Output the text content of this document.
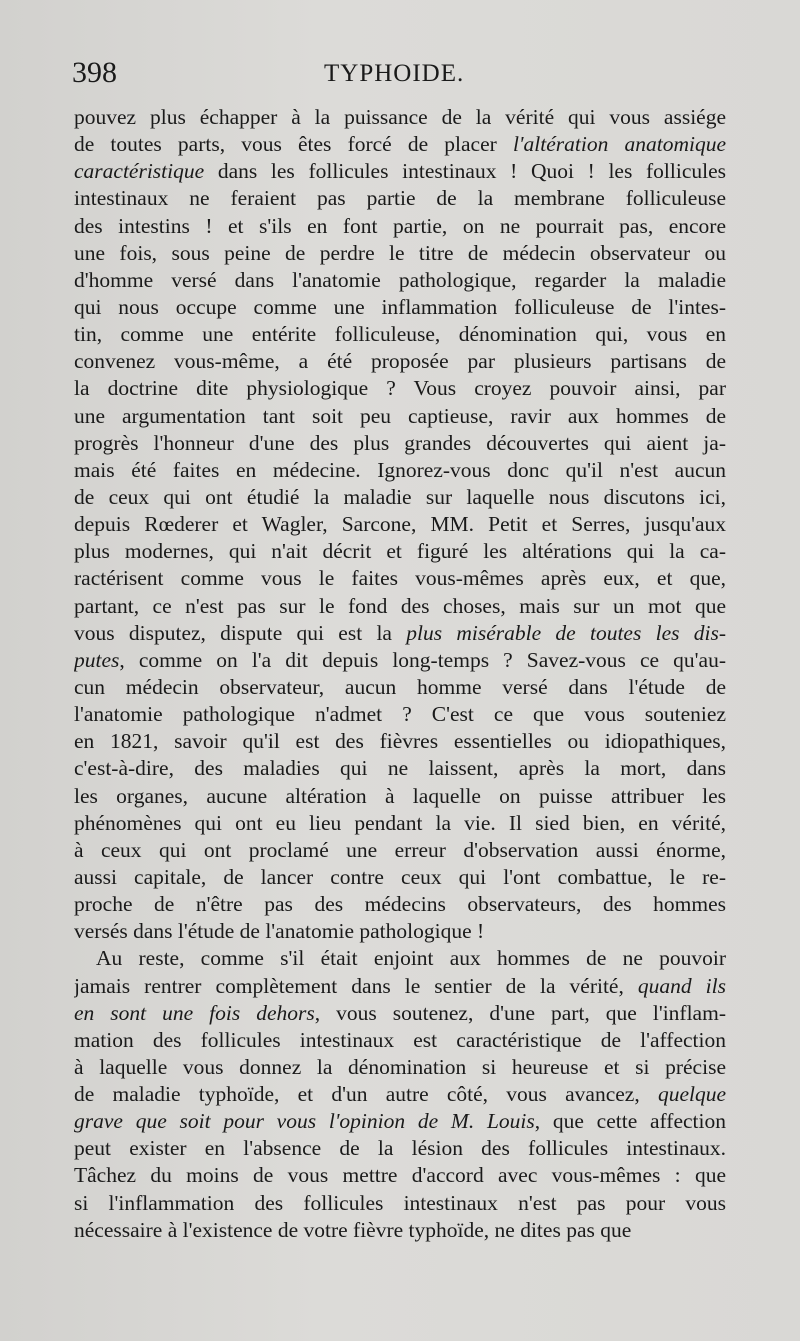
398	TYPHOIDE.
pouvez plus échapper à la puissance de la vérité qui vous assiége
de toutes parts, vous êtes forcé de placer l'altération anatomique
caractéristique dans les follicules intestinaux ! Quoi ! les follicules
intestinaux ne feraient pas partie de la membrane folliculeuse
des intestins ! et s'ils en font partie, on ne pourrait pas, encore
une fois, sous peine de perdre le titre de médecin observateur ou
d'homme versé dans l'anatomie pathologique, regarder la maladie
qui nous occupe comme une inflammation folliculeuse de l'intes-
tin, comme une entérite folliculeuse, dénomination qui, vous en
convenez vous-même, a été proposée par plusieurs partisans de
la doctrine dite physiologique ? Vous croyez pouvoir ainsi, par
une argumentation tant soit peu captieuse, ravir aux hommes de
progrès l'honneur d'une des plus grandes découvertes qui aient ja-
mais été faites en médecine. Ignorez-vous donc qu'il n'est aucun
de ceux qui ont étudié la maladie sur laquelle nous discutons ici,
depuis Rœderer et Wagler, Sarcone, MM. Petit et Serres, jusqu'aux
plus modernes, qui n'ait décrit et figuré les altérations qui la ca-
ractérisent comme vous le faites vous-mêmes après eux, et que,
partant, ce n'est pas sur le fond des choses, mais sur un mot que
vous disputez, dispute qui est la plus misérable de toutes les dis-
putes, comme on l'a dit depuis long-temps ? Savez-vous ce qu'au-
cun médecin observateur, aucun homme versé dans l'étude de
l'anatomie pathologique n'admet ? C'est ce que vous souteniez
en 1821, savoir qu'il est des fièvres essentielles ou idiopathiques,
c'est-à-dire, des maladies qui ne laissent, après la mort, dans
les organes, aucune altération à laquelle on puisse attribuer les
phénomènes qui ont eu lieu pendant la vie. Il sied bien, en vérité,
à ceux qui ont proclamé une erreur d'observation aussi énorme,
aussi capitale, de lancer contre ceux qui l'ont combattue, le re-
proche de n'être pas des médecins observateurs, des hommes
versés dans l'étude de l'anatomie pathologique !
Au reste, comme s'il était enjoint aux hommes de ne pouvoir
jamais rentrer complètement dans le sentier de la vérité, quand ils
en sont une fois dehors, vous soutenez, d'une part, que l'inflam-
mation des follicules intestinaux est caractéristique de l'affection
à laquelle vous donnez la dénomination si heureuse et si précise
de maladie typhoïde, et d'un autre côté, vous avancez, quelque
grave que soit pour vous l'opinion de M. Louis, que cette affection
peut exister en l'absence de la lésion des follicules intestinaux.
Tâchez du moins de vous mettre d'accord avec vous-mêmes : que
si l'inflammation des follicules intestinaux n'est pas pour vous
nécessaire à l'existence de votre fièvre typhoïde, ne dites pas que
